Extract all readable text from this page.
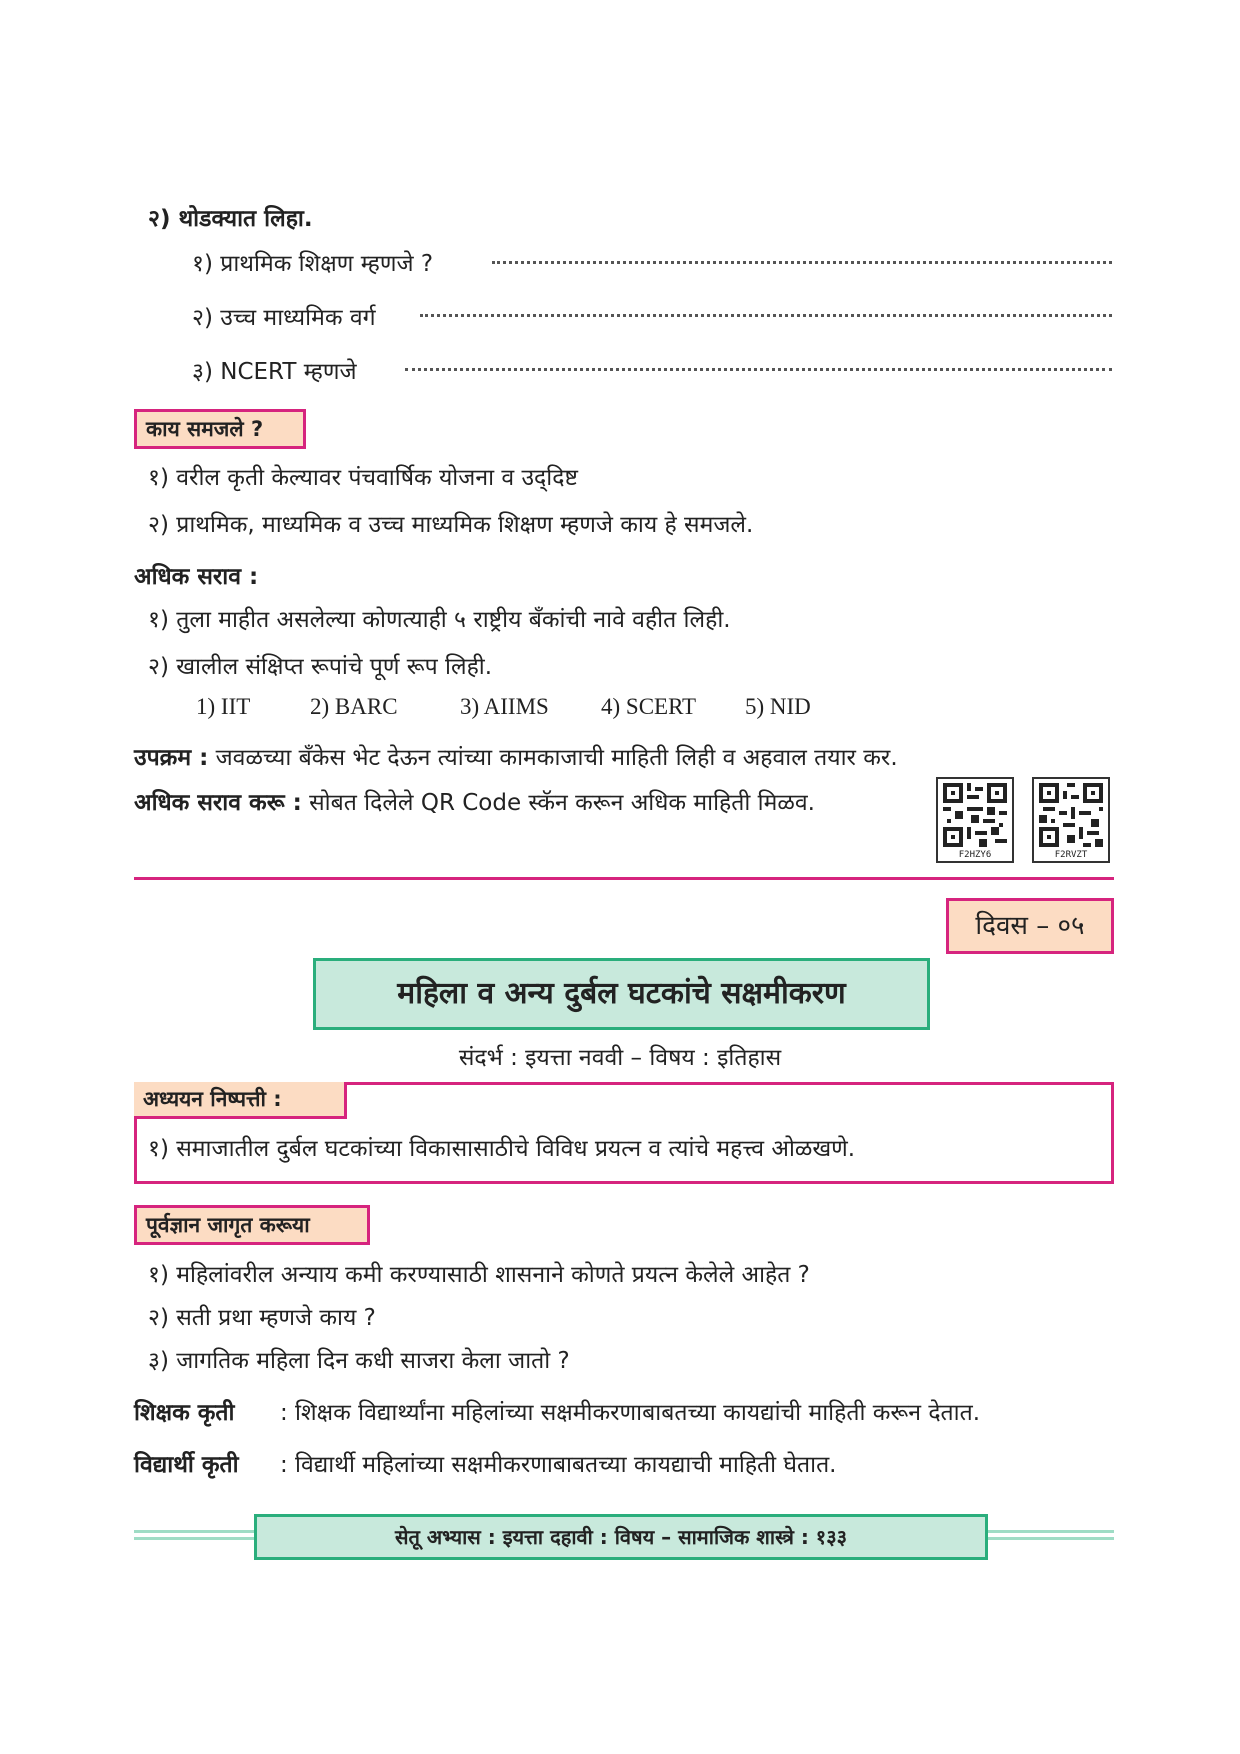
२) थोडक्यात लिहा.
१) प्राथमिक शिक्षण म्हणजे ?
२) उच्च माध्यमिक वर्ग
३) NCERT म्हणजे
काय समजले ?
१) वरील कृती केल्यावर पंचवार्षिक योजना व उद्‌दिष्ट
२) प्राथमिक, माध्यमिक व उच्च माध्यमिक शिक्षण म्हणजे काय हे समजले.
अधिक सराव :
१) तुला माहीत असलेल्या कोणत्याही ५ राष्ट्रीय बँकांची नावे वहीत लिही.
२) खालील संक्षिप्त रूपांचे पूर्ण रूप लिही.
1) IIT	2) BARC	3) AIIMS 4) SCERT 5) NID
उपक्रम : जवळच्या बँकेस भेट देऊन त्यांच्या कामकाजाची माहिती लिही व अहवाल तयार कर.
अधिक सराव करू : सोबत दिलेले QR Code स्कॅन करून अधिक माहिती मिळव.
F2HZY6	F2RVZT
दिवस – ०५
महिला व अन्य दुर्बल घटकांचे सक्षमीकरण
संदर्भ : इयत्ता नववी – विषय : इतिहास
अध्ययन निष्पत्ती :
१) समाजातील दुर्बल घटकांच्या विकासासाठीचे विविध प्रयत्न व त्यांचे महत्त्व ओळखणे.
पूर्वज्ञान जागृत करूया
१) महिलांवरील अन्याय कमी करण्यासाठी शासनाने कोणते प्रयत्न केलेले आहेत ?
२) सती प्रथा म्हणजे काय ?
३) जागतिक महिला दिन कधी साजरा केला जातो ?
शिक्षक कृती : शिक्षक विद्यार्थ्यांना महिलांच्या सक्षमीकरणाबाबतच्या कायद्यांची माहिती करून देतात.
विद्यार्थी कृती : विद्यार्थी महिलांच्या सक्षमीकरणाबाबतच्या कायद्याची माहिती घेतात.
सेतू अभ्यास : इयत्ता दहावी : विषय – सामाजिक शास्त्रे : १३३
